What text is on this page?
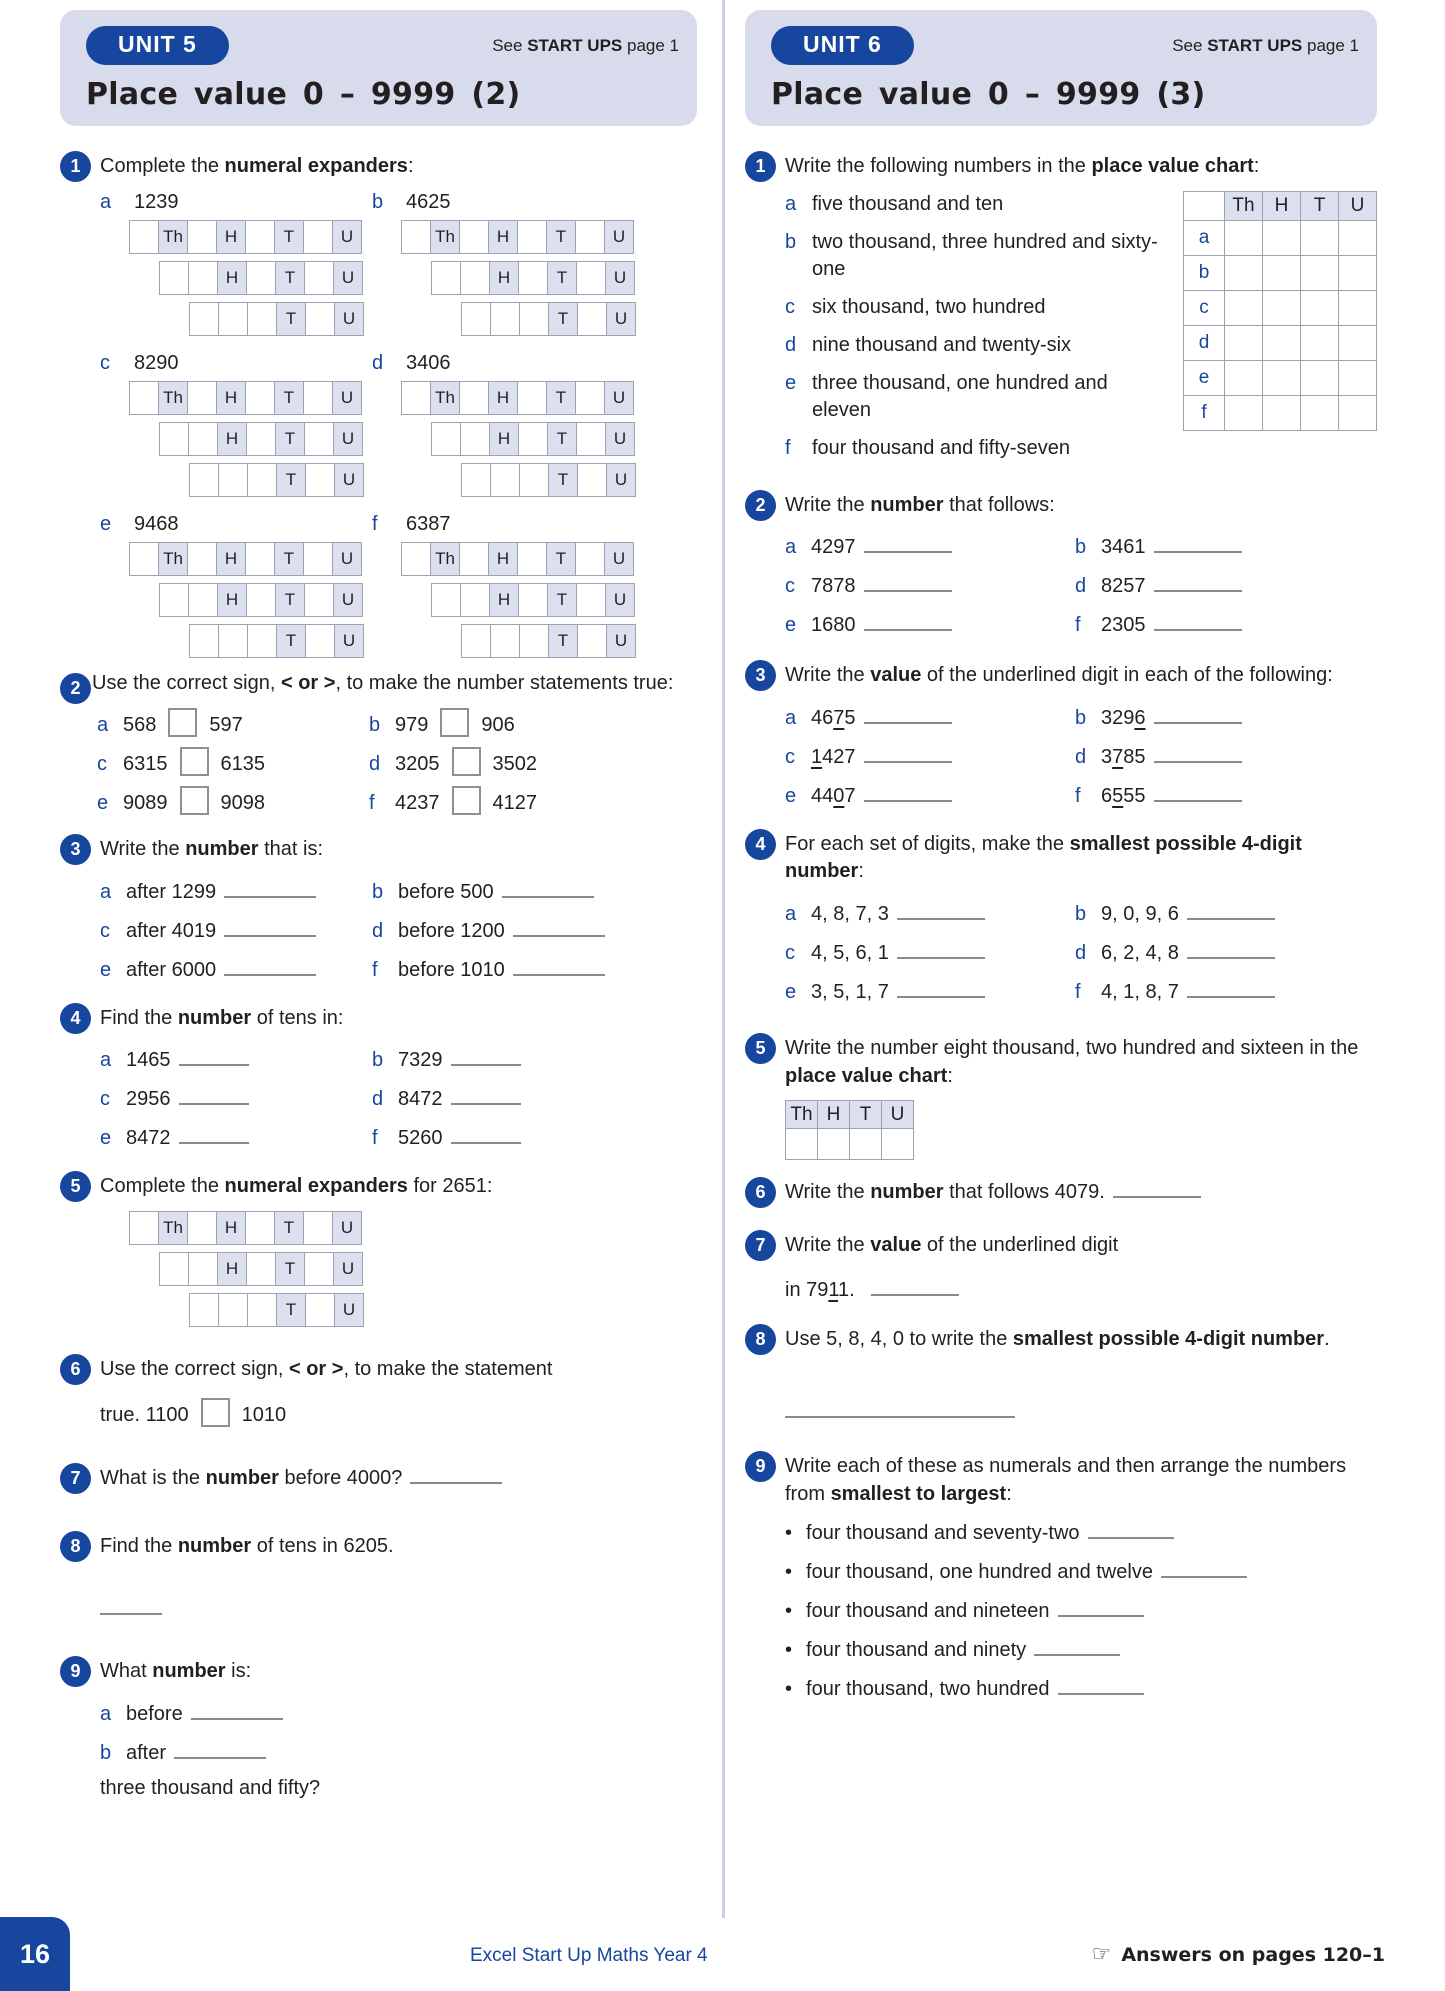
UNIT 5	See START UPS page 1
Place value 0 – 9999 (2)
1 Complete the numeral expanders:

a 1239
Th	H	T	U
H	T	U
T	U
b 4625
Th	H	T	U
H	T	U
T	U
c 8290
Th	H	T	U
H	T	U
T	U
d 3406
Th	H	T	U
H	T	U
T	U
e 9468
Th	H	T	U
H	T	U
T	U
f 6387
Th	H	T	U
H	T	U
T	U
2 Use the correct sign, < or >, to make the number statements true:

a 568	597	b 979	906
c 6315	6135	d 3205	3502
e 9089	9098	f 4237	4127
3 Write the number that is:

a after 1299	b before 500
c after 4019	d before 1200
e after 6000	f before 1010
4 Find the number of tens in:

a 1465	b 7329
c 2956	d 8472
e 8472	f 5260
5 Complete the numeral expanders for 2651:

Th	H	T	U
H	T	U
T	U
6 Use the correct sign, < or >, to make the statement

true. 1100	1010
7 What is the number before 4000?

8 Find the number of tens in 6205.

9 What number is:

a before
b after
three thousand and fifty?
UNIT 6	See START UPS page 1
Place value 0 – 9999 (3)
1 Write the following numbers in the place value chart:

a five thousand and ten
b two thousand, three hundred and sixty-one
c six thousand, two hundred
d nine thousand and twenty-six
e three thousand, one hundred and eleven
f	four thousand and fifty-seven
	Th	H	T	U
a				
b				
c				
d				
e				
f				
2 Write the number that follows:

a 4297	b 3461
c 7878	d 8257
e 1680	f 2305
3 Write the value of the underlined digit in each of the following:

a 4675	b 3296
c 1427	d 3785
e 4407	f 6555
4 For each set of digits, make the smallest possible 4-digit number:

a 4, 8, 7, 3	b 9, 0, 9, 6
c 4, 5, 6, 1	d 6, 2, 4, 8
e 3, 5, 1, 7	f 4, 1, 8, 7
5 Write the number eight thousand, two hundred and sixteen in the place value chart:

Th	H	T	U

6 Write the number that follows 4079.

7 Write the value of the underlined digit

in 7911.
8 Use 5, 8, 4, 0 to write the smallest possible 4-digit number.

9 Write each of these as numerals and then arrange the numbers from smallest to largest:

• four thousand and seventy-two
• four thousand, one hundred and twelve
• four thousand and nineteen
• four thousand and ninety
• four thousand, two hundred
16	Excel Start Up Maths Year 4	☞ Answers on pages 120–1
